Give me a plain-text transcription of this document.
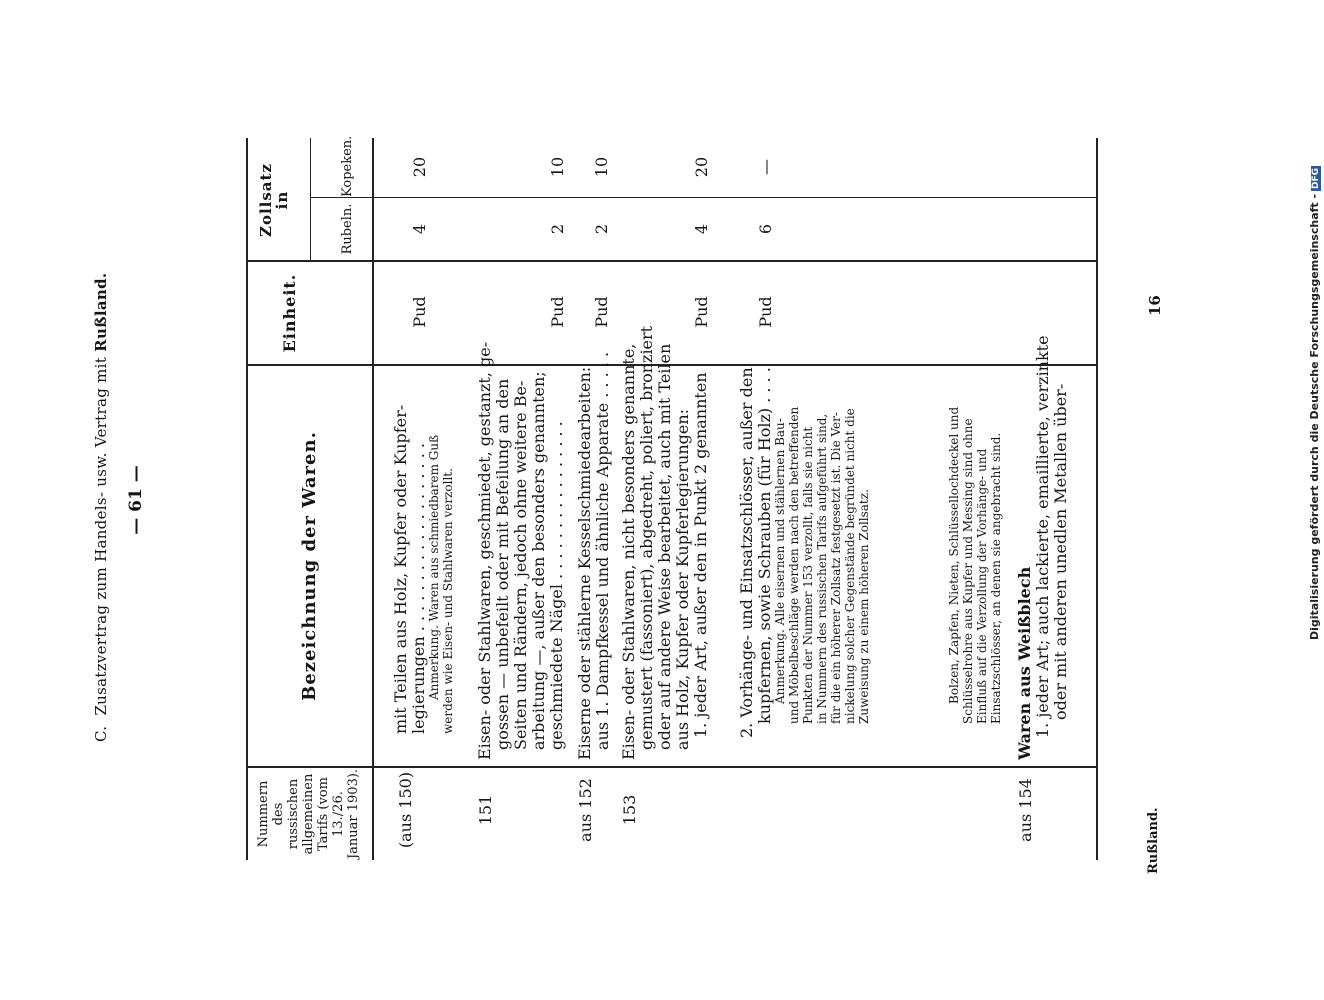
C.  Zusatzvertrag zum Handels- usw. Vertrag mit Rußland.
— 61 —
Nummern des russischen allgemeinen Tarifs (vom 13./26. Januar 1903).
Bezeichnung der Waren.
Einheit.
Zollsatz in
Rubeln.
Kopeken.
(aus 150)
mit Teilen aus Holz, Kupfer oder Kupfer- legierungen . . . . . . . . . . . . . . . . . . . Anmerkung. Waren aus schmiedbarem Guß werden wie Eisen- und Stahlwaren verzollt.
Pud
4
20
151
Eisen- oder Stahlwaren, geschmiedet, gestanzt, ge- gossen — unbefeilt oder mit Befeilung an den Seiten und Rändern, jedoch ohne weitere Be- arbeitung —, außer den besonders genannten; geschmiedete Nägel . . . . . . . . . . . . . . . .
Pud
2
10
aus 152
Eiserne oder stählerne Kesselschmiedearbeiten: aus 1. Dampfkessel und ähnliche Apparate . . . . .
Pud
2
10
153
Eisen- oder Stahlwaren, nicht besonders genannte, gemustert (fassoniert), abgedreht, poliert, bronziert oder auf andere Weise bearbeitet, auch mit Teilen aus Holz, Kupfer oder Kupferlegierungen: 1. jeder Art, außer den in Punkt 2 genannten
Pud
4
20
2. Vorhänge- und Einsatzschlösser, außer den kupfernen, sowie Schrauben (für Holz) . . . . Anmerkung. Alle eisernen und stählernen Bau- und Möbelbeschläge werden nach den betreffenden Punkten der Nummer 153 verzollt, falls sie nicht in Nummern des russischen Tarifs aufgeführt sind, für die ein höherer Zollsatz festgesetzt ist. Die Ver- nickelung solcher Gegenstände begründet nicht die Zuweisung zu einem höheren Zollsatz.	Bolzen, Zapfen, Nieten, Schlüssellochdeckel und Schlüsselrohre aus Kupfer und Messing sind ohne Einfluß auf die Verzollung der Vorhänge- und Einsatzschlösser, an denen sie angebracht sind.
Pud
6
—
aus 154
Waren aus Weißblech 1. jeder Art; auch lackierte, emaillierte, verzinkte oder mit anderen unedlen Metallen über-
Rußland.
16	Digitalisierung gefördert durch die Deutsche Forschungsgemeinschaft -DFG
